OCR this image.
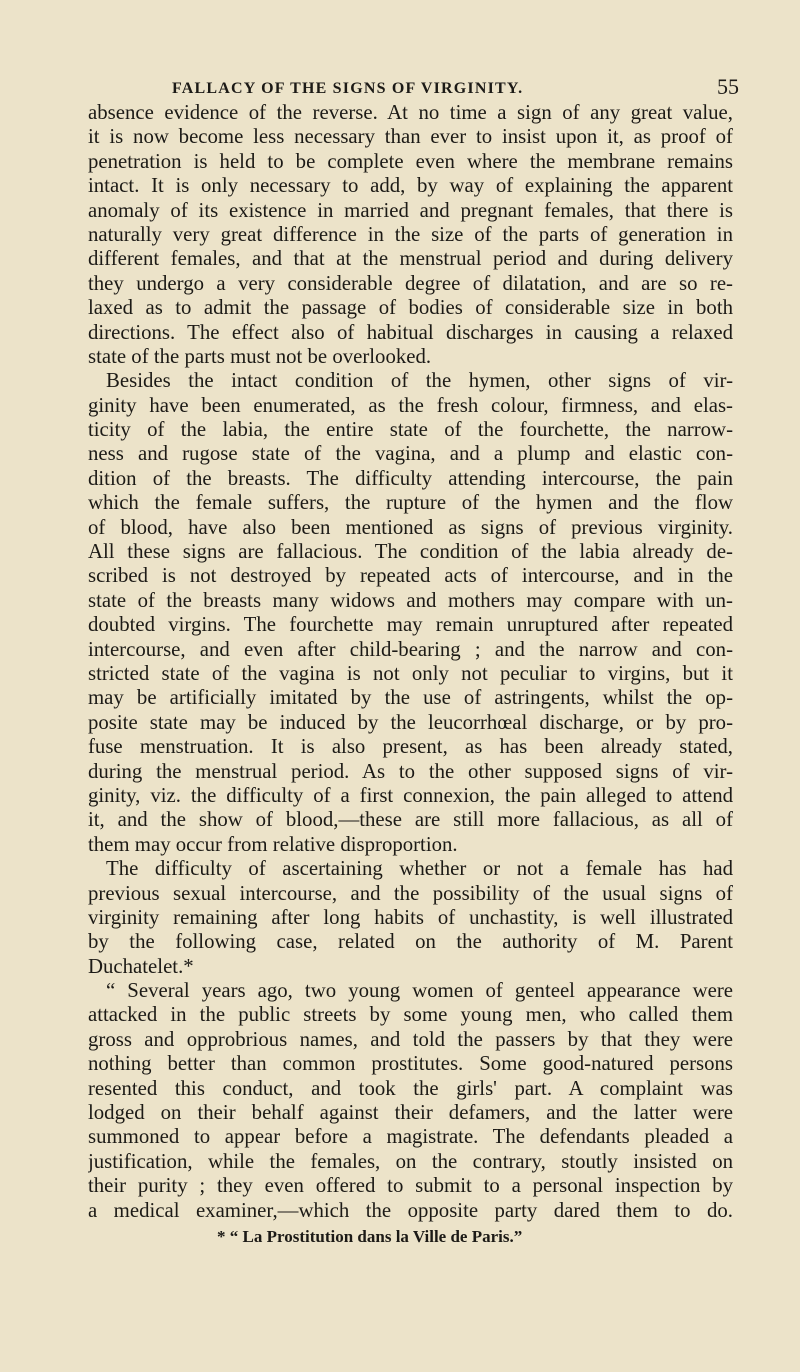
FALLACY OF THE SIGNS OF VIRGINITY.	55
absence evidence of the reverse. At no time a sign of any great value,
it is now become less necessary than ever to insist upon it, as proof of
penetration is held to be complete even where the membrane remains
intact. It is only necessary to add, by way of explaining the apparent
anomaly of its existence in married and pregnant females, that there is
naturally very great difference in the size of the parts of generation in
different females, and that at the menstrual period and during delivery
they undergo a very considerable degree of dilatation, and are so re-
laxed as to admit the passage of bodies of considerable size in both
directions. The effect also of habitual discharges in causing a relaxed
state of the parts must not be overlooked.
Besides the intact condition of the hymen, other signs of vir-
ginity have been enumerated, as the fresh colour, firmness, and elas-
ticity of the labia, the entire state of the fourchette, the narrow-
ness and rugose state of the vagina, and a plump and elastic con-
dition of the breasts. The difficulty attending intercourse, the pain
which the female suffers, the rupture of the hymen and the flow
of blood, have also been mentioned as signs of previous virginity.
All these signs are fallacious. The condition of the labia already de-
scribed is not destroyed by repeated acts of intercourse, and in the
state of the breasts many widows and mothers may compare with un-
doubted virgins. The fourchette may remain unruptured after repeated
intercourse, and even after child-bearing ; and the narrow and con-
stricted state of the vagina is not only not peculiar to virgins, but it
may be artificially imitated by the use of astringents, whilst the op-
posite state may be induced by the leucorrhœal discharge, or by pro-
fuse menstruation. It is also present, as has been already stated,
during the menstrual period. As to the other supposed signs of vir-
ginity, viz. the difficulty of a first connexion, the pain alleged to attend
it, and the show of blood,—these are still more fallacious, as all of
them may occur from relative disproportion.
The difficulty of ascertaining whether or not a female has had
previous sexual intercourse, and the possibility of the usual signs of
virginity remaining after long habits of unchastity, is well illustrated
by the following case, related on the authority of M. Parent
Duchatelet.*
“ Several years ago, two young women of genteel appearance were
attacked in the public streets by some young men, who called them
gross and opprobrious names, and told the passers by that they were
nothing better than common prostitutes. Some good-natured persons
resented this conduct, and took the girls' part. A complaint was
lodged on their behalf against their defamers, and the latter were
summoned to appear before a magistrate. The defendants pleaded a
justification, while the females, on the contrary, stoutly insisted on
their purity ; they even offered to submit to a personal inspection by
a medical examiner,—which the opposite party dared them to do.
* “ La Prostitution dans la Ville de Paris.”
